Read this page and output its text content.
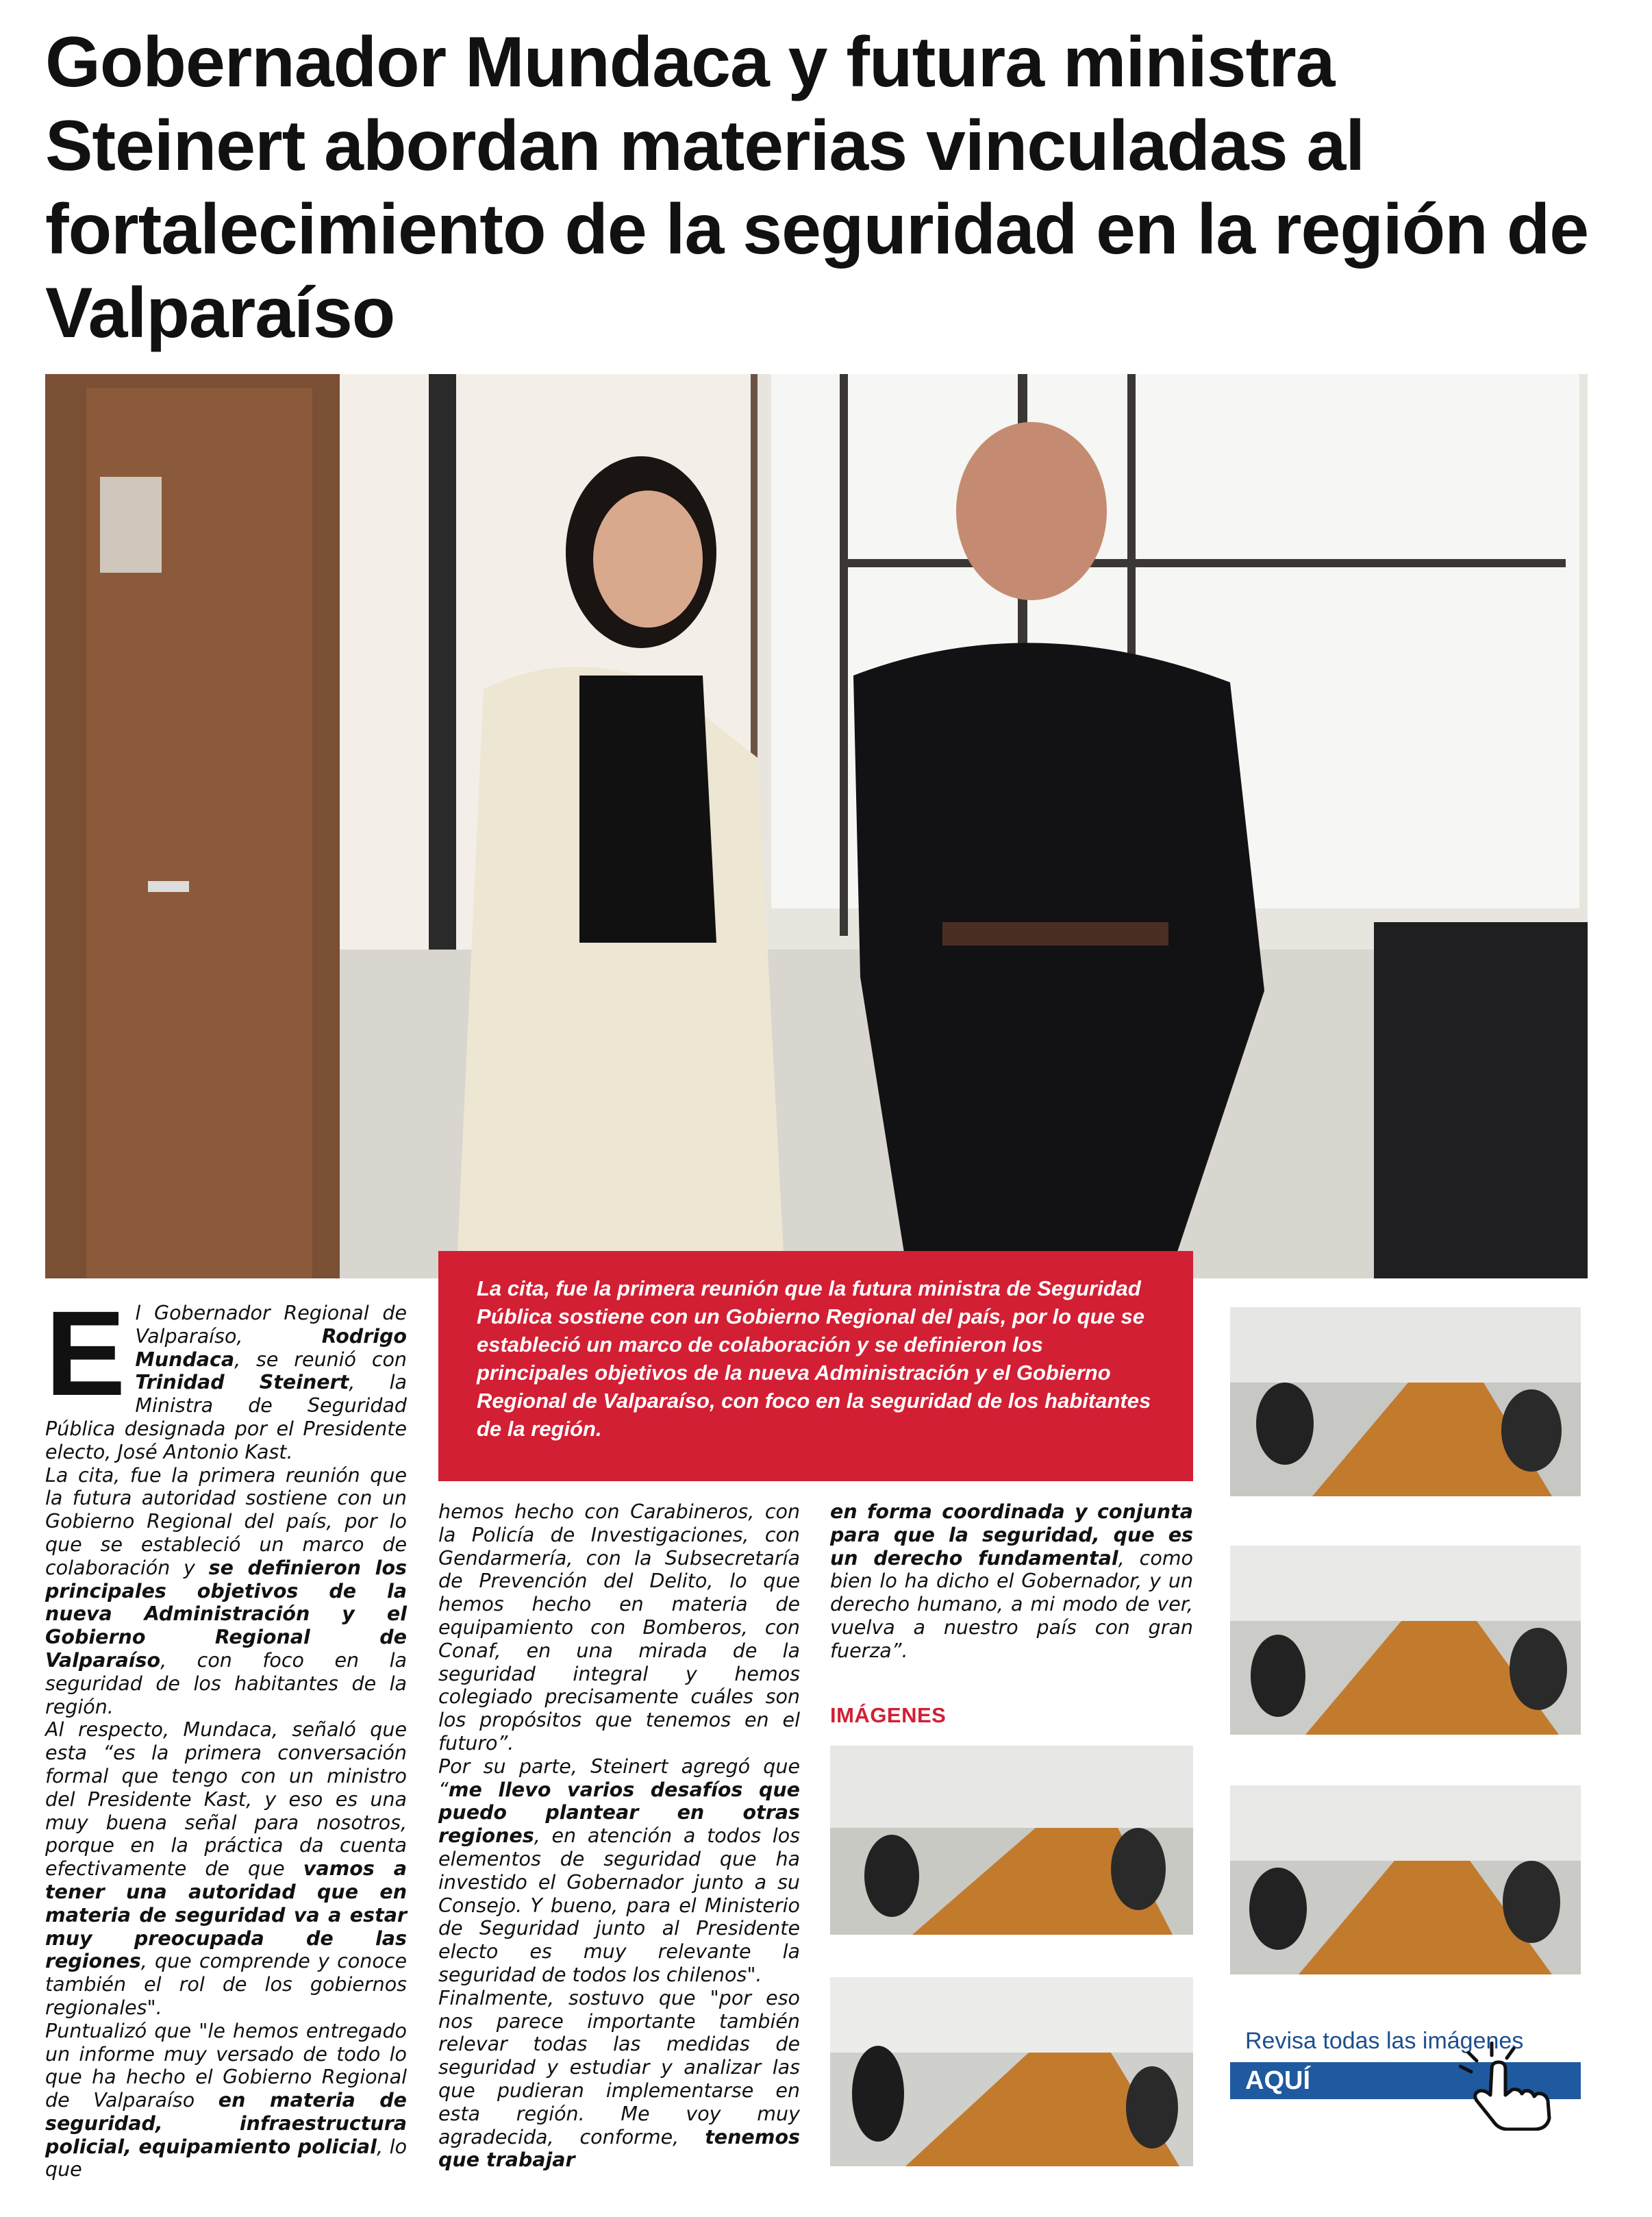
Gobernador Mundaca y futura ministra Steinert abordan materias vinculadas al fortalecimiento de la seguridad en la región de Valparaíso
La cita, fue la primera reunión que la futura ministra de Seguridad Pública sostiene con un Gobierno Regional del país, por lo que se estableció un marco de colaboración y se definieron los principales objetivos de la nueva Administración y el Gobierno Regional de Valparaíso, con foco en la seguridad de los habitantes de la región.

El Gobernador Regional de Valparaíso, Rodrigo Mundaca, se reunió con Trinidad Steinert, la Ministra de Seguridad Pública designada por el Presidente electo, José Antonio Kast.

La cita, fue la primera reunión que la futura autoridad sostiene con un Gobierno Regional del país, por lo que se estableció un marco de colaboración y se definieron los principales objetivos de la nueva Administración y el Gobierno Regional de Valparaíso, con foco en la seguridad de los habitantes de la región.

Al respecto, Mundaca, señaló que esta “es la primera conversación formal que tengo con un ministro del Presidente Kast, y eso es una muy buena señal para nosotros, porque en la práctica da cuenta efectivamente de que vamos a tener una autoridad que en materia de seguridad va a estar muy preocupada de las regiones, que comprende y conoce también el rol de los gobiernos regionales".

Puntualizó que "le hemos entregado un informe muy versado de todo lo que ha hecho el Gobierno Regional de Valparaíso en materia de seguridad, infraestructura policial, equipamiento policial, lo que

hemos hecho con Carabineros, con la Policía de Investigaciones, con Gendarmería, con la Subsecretaría de Prevención del Delito, lo que hemos hecho en materia de equipamiento con Bomberos, con Conaf, en una mirada de la seguridad integral y hemos colegiado precisamente cuáles son los propósitos que tenemos en el futuro”.

Por su parte, Steinert agregó que “me llevo varios desafíos que puedo plantear en otras regiones, en atención a todos los elementos de seguridad que ha investido el Gobernador junto a su Consejo. Y bueno, para el Ministerio de Seguridad junto al Presidente electo es muy relevante la seguridad de todos los chilenos".

Finalmente, sostuvo que "por eso nos parece importante también relevar todas las medidas de seguridad y estudiar y analizar las que pudieran implementarse en esta región. Me voy muy agradecida, conforme, tenemos que trabajar

en forma coordinada y conjunta para que la seguridad, que es un derecho fundamental, como bien lo ha dicho el Gobernador, y un derecho humano, a mi modo de ver, vuelva a nuestro país con gran fuerza”.

IMÁGENES
Revisa todas las imágenes
AQUÍ
